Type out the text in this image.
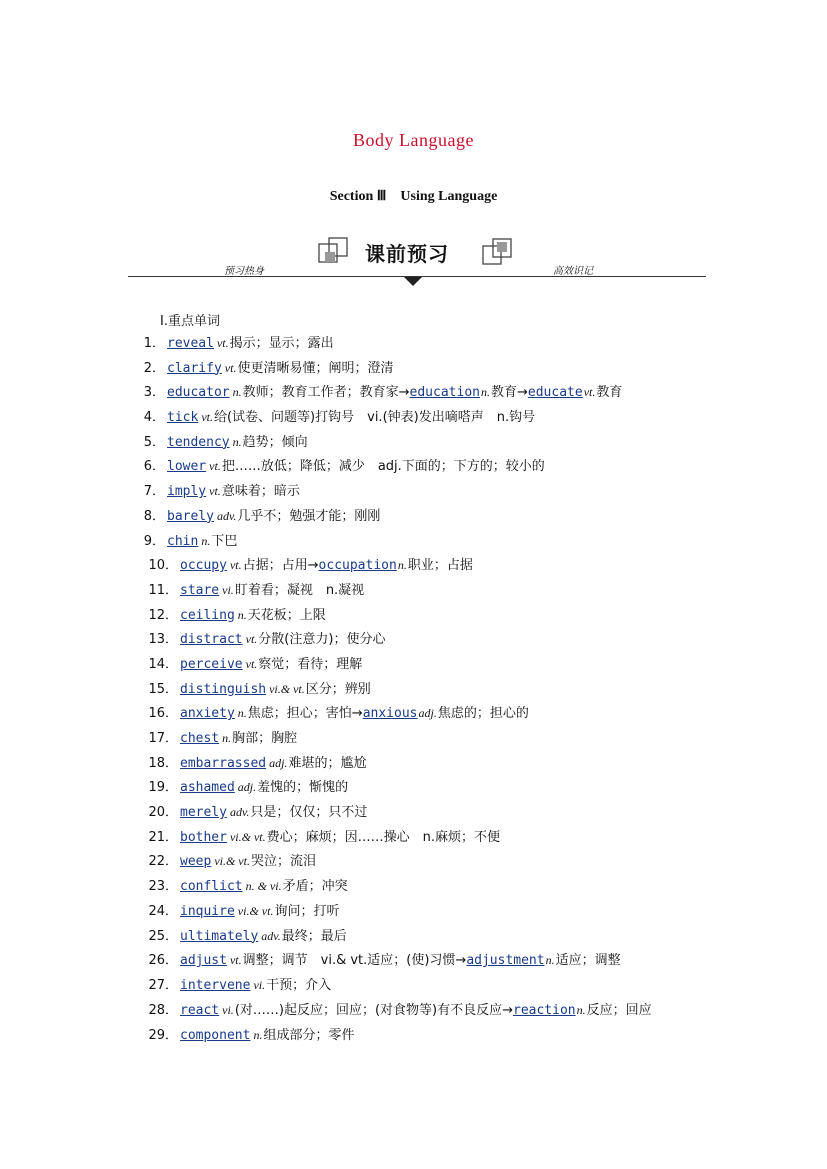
Body Language
Section Ⅲ　Using Language
预习热身
课前预习
高效识记
Ⅰ.重点单词
1． reveal vt.揭示；显示；露出
2． clarify vt.使更清晰易懂；阐明；澄清
3． educator n.教师；教育工作者；教育家→educationn.教育→educatevt.教育
4． tick vt.给(试卷、问题等)打钩号　vi.(钟表)发出嘀嗒声　n.钩号
5． tendency n.趋势；倾向
6． lower vt.把……放低；降低；减少　adj.下面的；下方的；较小的
7． imply vt.意味着；暗示
8． barely adv.几乎不；勉强才能；刚刚
9． chin n.下巴
10． occupy vt.占据；占用→occupationn.职业；占据
11． stare vi.盯着看；凝视　n.凝视
12． ceiling n.天花板；上限
13． distract vt.分散(注意力)；使分心
14． perceive vt.察觉；看待；理解
15． distinguish vi.& vt.区分；辨别
16． anxiety n.焦虑；担心；害怕→anxiousadj.焦虑的；担心的
17． chest n.胸部；胸腔
18． embarrassed adj.难堪的；尴尬
19． ashamed adj.羞愧的；惭愧的
20． merely adv.只是；仅仅；只不过
21． bother vi.& vt.费心；麻烦；因……操心　n.麻烦；不便
22． weep vi.& vt.哭泣；流泪
23． conflict n. & vi.矛盾；冲突
24． inquire vi.& vt.询问；打听
25． ultimately adv.最终；最后
26． adjust vt.调整；调节　vi.& vt.适应；(使)习惯→adjustmentn.适应；调整
27． intervene vi.干预；介入
28． react vi.(对……)起反应；回应；(对食物等)有不良反应→reactionn.反应；回应
29． component n.组成部分；零件
